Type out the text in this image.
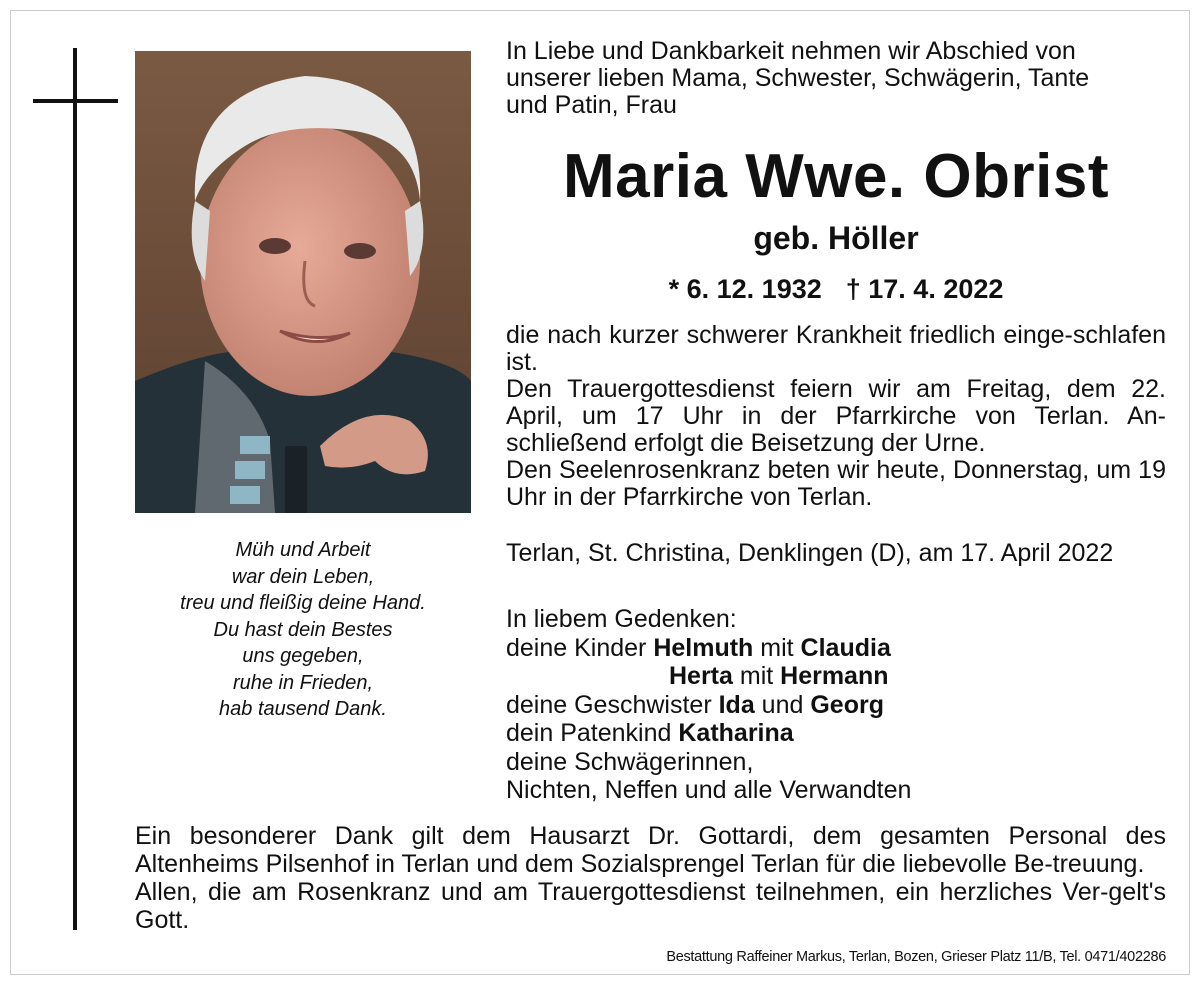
Müh und Arbeit
war dein Leben,
treu und fleißig deine Hand.
Du hast dein Bestes
uns gegeben,
ruhe in Frieden,
hab tausend Dank.
In Liebe und Dankbarkeit nehmen wir Abschied von
unserer lieben Mama, Schwester, Schwägerin, Tante
und Patin, Frau
Maria Wwe. Obrist
geb. Höller
* 6. 12. 1932 † 17. 4. 2022
die nach kurzer schwerer Krankheit friedlich einge-schlafen ist.
Den Trauergottesdienst feiern wir am Freitag, dem 22. April, um 17 Uhr in der Pfarrkirche von Terlan. An-schließend erfolgt die Beisetzung der Urne.
Den Seelenrosenkranz beten wir heute, Donnerstag, um 19 Uhr in der Pfarrkirche von Terlan.
Terlan, St. Christina, Denklingen (D), am 17. April 2022
In liebem Gedenken:
deine Kinder Helmuth mit Claudia
Herta mit Hermann
deine Geschwister Ida und Georg
dein Patenkind Katharina
deine Schwägerinnen,
Nichten, Neffen und alle Verwandten
Ein besonderer Dank gilt dem Hausarzt Dr. Gottardi, dem gesamten Personal des Altenheims Pilsenhof in Terlan und dem Sozialsprengel Terlan für die liebevolle Be-treuung.
Allen, die am Rosenkranz und am Trauergottesdienst teilnehmen, ein herzliches Ver-gelt's Gott.
Bestattung Raffeiner Markus, Terlan, Bozen, Grieser Platz 11/B, Tel. 0471/402286
